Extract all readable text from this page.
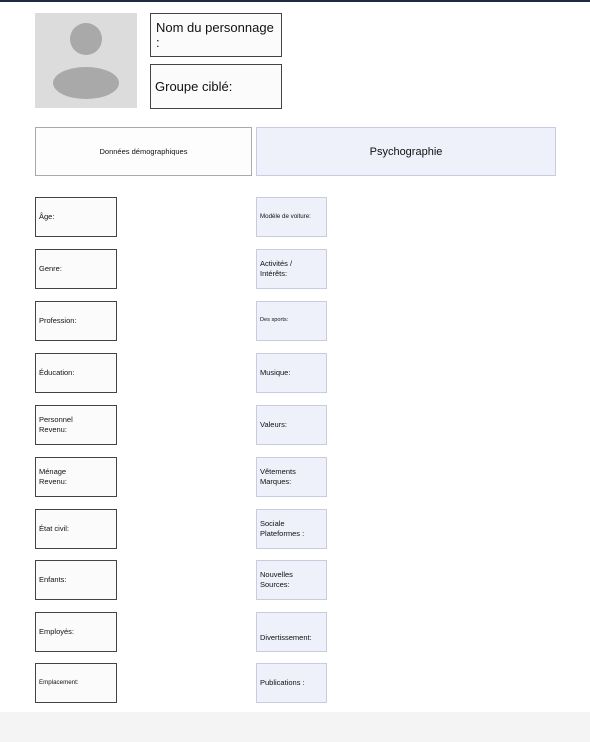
Nom du personnage :
Groupe ciblé:
Données démographiques	Psychographie
Âge:
Genre:
Profession:
Éducation:
Personnel
Revenu:
Ménage
Revenu:
État civil:
Enfants:
Employés:
Emplacement:
Modèle de voiture:
Activités /
Intérêts:
Des sports:
Musique:
Valeurs:
Vêtements
Marques:
Sociale
Plateformes :
Nouvelles
Sources:
Divertissement:
Publications :
